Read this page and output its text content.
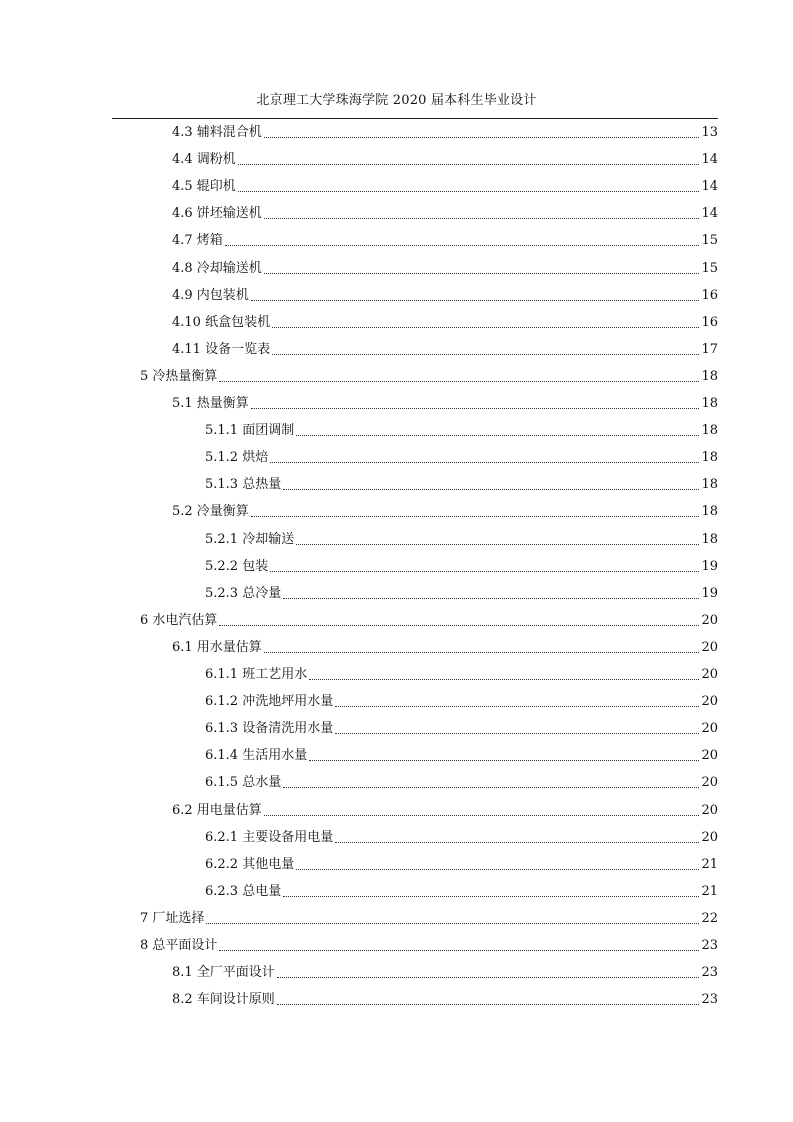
北京理工大学珠海学院 2020 届本科生毕业设计
4.3 辅料混合机	13
4.4 调粉机	14
4.5 辊印机	14
4.6 饼坯输送机	14
4.7 烤箱	15
4.8 冷却输送机	15
4.9 内包装机	16
4.10 纸盒包装机	16
4.11 设备一览表	17
5 冷热量衡算	18
5.1 热量衡算	18
5.1.1 面团调制	18
5.1.2 烘焙	18
5.1.3 总热量	18
5.2 冷量衡算	18
5.2.1 冷却输送	18
5.2.2 包装	19
5.2.3 总冷量	19
6 水电汽估算	20
6.1 用水量估算	20
6.1.1 班工艺用水	20
6.1.2 冲洗地坪用水量	20
6.1.3 设备清洗用水量	20
6.1.4 生活用水量	20
6.1.5 总水量	20
6.2 用电量估算	20
6.2.1 主要设备用电量	20
6.2.2 其他电量	21
6.2.3 总电量	21
7 厂址选择	22
8 总平面设计	23
8.1 全厂平面设计	23
8.2 车间设计原则	23
